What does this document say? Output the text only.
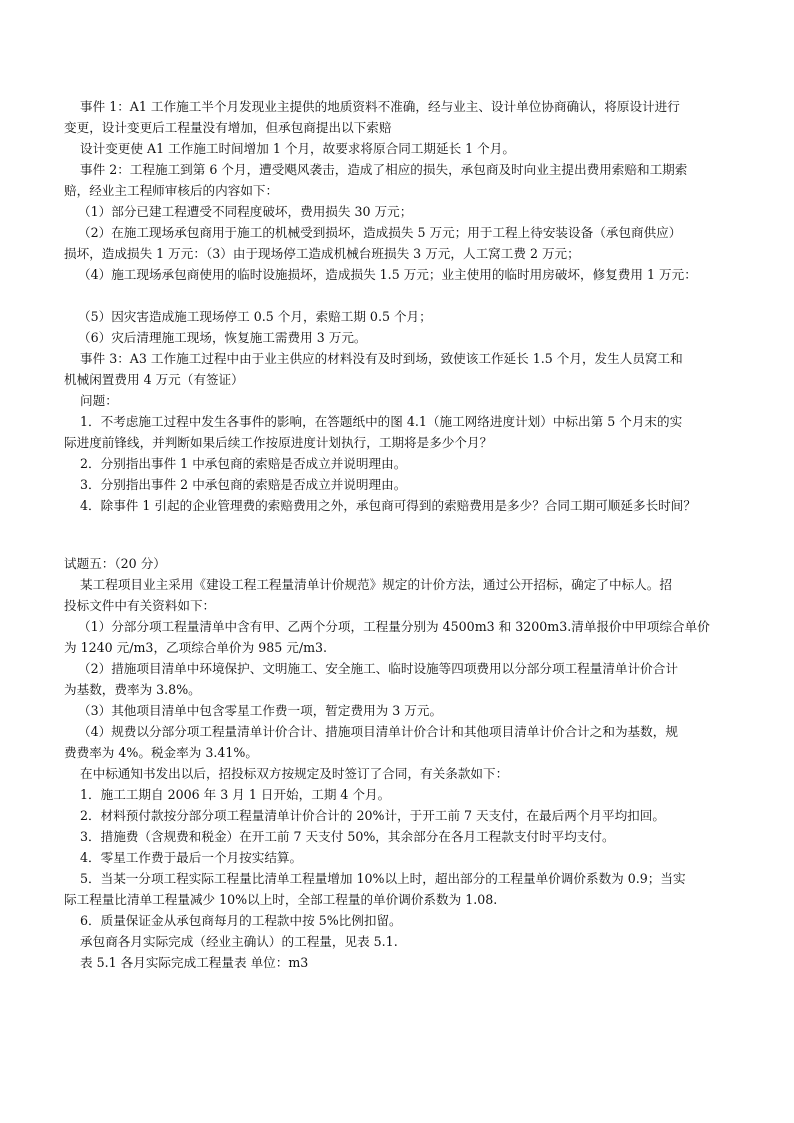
事件 1：A1 工作施工半个月发现业主提供的地质资料不准确，经与业主、设计单位协商确认，将原设计进行
变更，设计变更后工程量没有增加，但承包商提出以下索赔
设计变更使 A1 工作施工时间增加 1 个月，故要求将原合同工期延长 1 个月。
事件 2：工程施工到第 6 个月，遭受飓风袭击，造成了相应的损失，承包商及时向业主提出费用索赔和工期索
赔，经业主工程师审核后的内容如下：
（1）部分已建工程遭受不同程度破坏，费用损失 30 万元；
（2）在施工现场承包商用于施工的机械受到损坏，造成损失 5 万元；用于工程上待安装设备（承包商供应）
损坏，造成损失 1 万元：（3）由于现场停工造成机械台班损失 3 万元，人工窝工费 2 万元；
（4）施工现场承包商使用的临时设施损坏，造成损失 1.5 万元；业主使用的临时用房破坏，修复费用 1 万元：
（5）因灾害造成施工现场停工 0.5 个月，索赔工期 0.5 个月；
（6）灾后清理施工现场，恢复施工需费用 3 万元。
事件 3：A3 工作施工过程中由于业主供应的材料没有及时到场，致使该工作延长 1.5 个月，发生人员窝工和
机械闲置费用 4 万元（有签证）
问题：
1．不考虑施工过程中发生各事件的影响，在答题纸中的图 4.1（施工网络进度计划）中标出第 5 个月末的实
际进度前锋线，并判断如果后续工作按原进度计划执行，工期将是多少个月？
2．分别指出事件 1 中承包商的索赔是否成立并说明理由。
3．分别指出事件 2 中承包商的索赔是否成立并说明理由。
4．除事件 1 引起的企业管理费的索赔费用之外，承包商可得到的索赔费用是多少？合同工期可顺延多长时间？
试题五：（20 分）
某工程项目业主采用《建设工程工程量清单计价规范》规定的计价方法，通过公开招标，确定了中标人。招
投标文件中有关资料如下：
（1）分部分项工程量清单中含有甲、乙两个分项，工程量分别为 4500m3 和 3200m3.清单报价中甲项综合单价
为 1240 元/m3，乙项综合单价为 985 元/m3.
（2）措施项目清单中环境保护、文明施工、安全施工、临时设施等四项费用以分部分项工程量清单计价合计
为基数，费率为 3.8%。
（3）其他项目清单中包含零星工作费一项，暂定费用为 3 万元。
（4）规费以分部分项工程量清单计价合计、措施项目清单计价合计和其他项目清单计价合计之和为基数，规
费费率为 4%。税金率为 3.41%。
在中标通知书发出以后，招投标双方按规定及时签订了合同，有关条款如下：
1．施工工期自 2006 年 3 月 1 日开始，工期 4 个月。
2．材料预付款按分部分项工程量清单计价合计的 20%计，于开工前 7 天支付，在最后两个月平均扣回。
3．措施费（含规费和税金）在开工前 7 天支付 50%，其余部分在各月工程款支付时平均支付。
4．零星工作费于最后一个月按实结算。
5．当某一分项工程实际工程量比清单工程量增加 10%以上时，超出部分的工程量单价调价系数为 0.9；当实
际工程量比清单工程量减少 10%以上时，全部工程量的单价调价系数为 1.08.
6．质量保证金从承包商每月的工程款中按 5%比例扣留。
承包商各月实际完成（经业主确认）的工程量，见表 5.1.
表 5.1 各月实际完成工程量表 单位：m3
